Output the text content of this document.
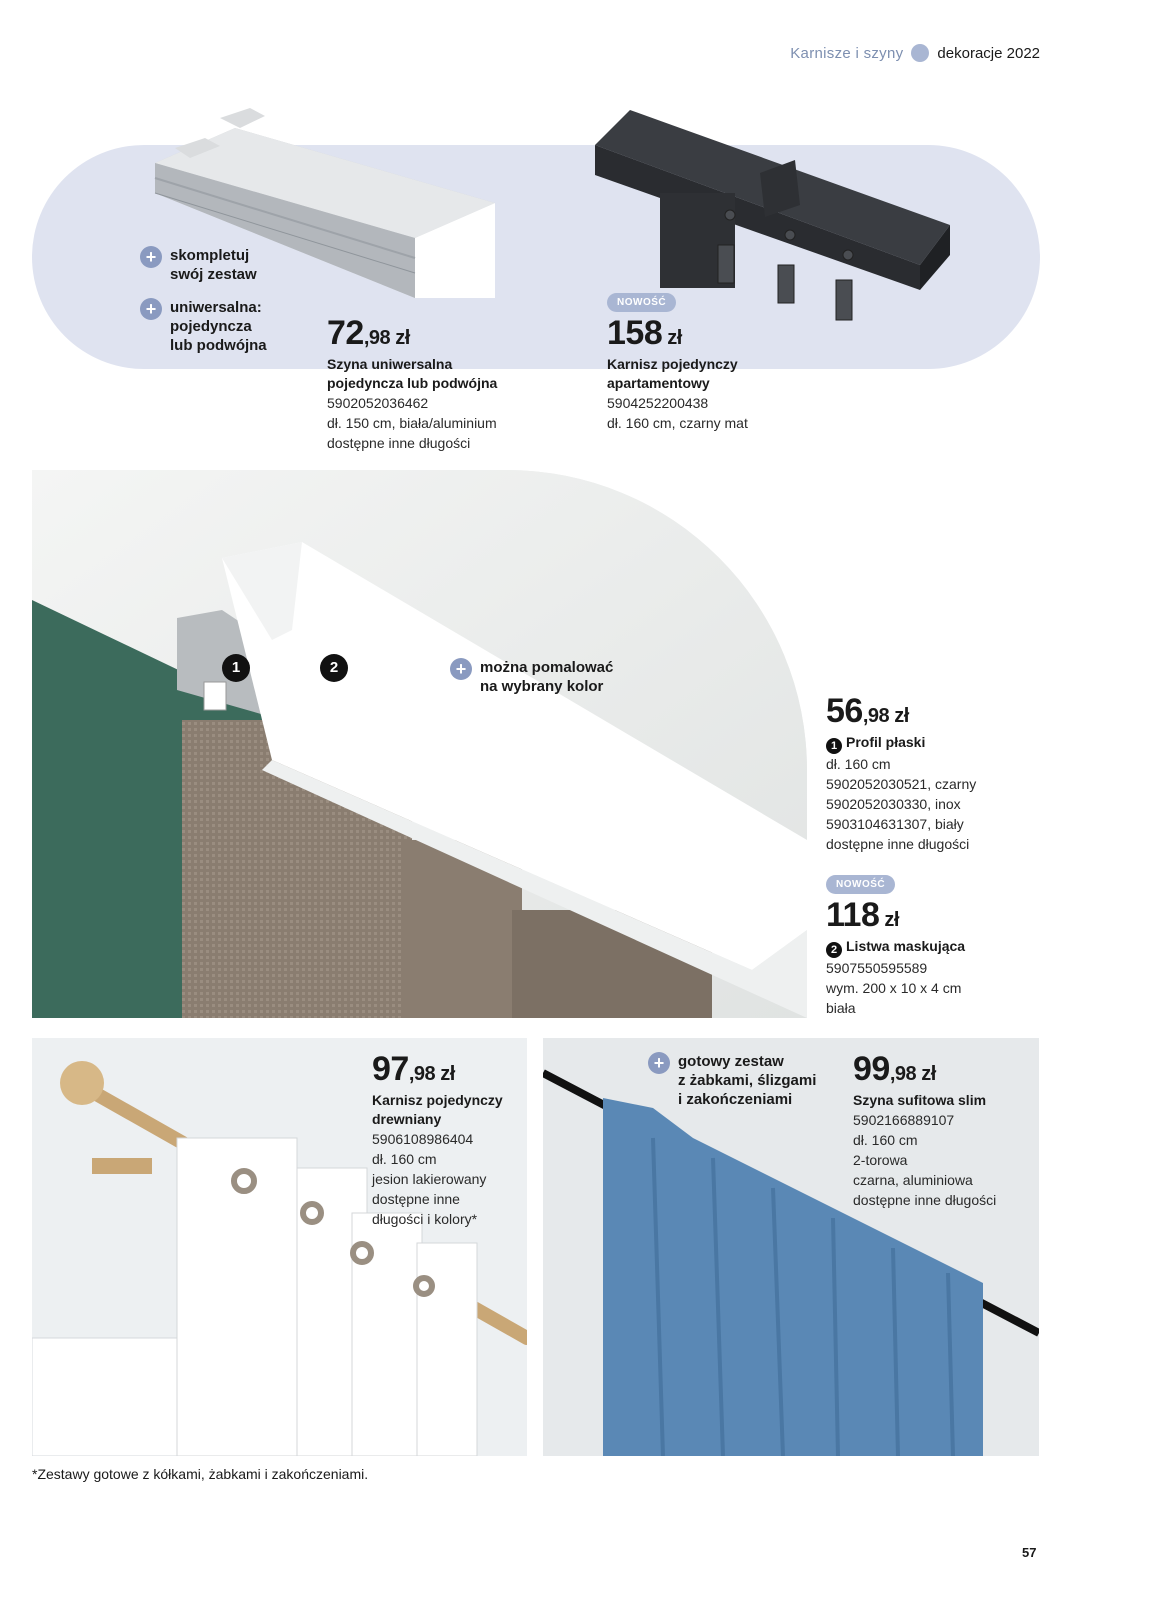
Karnisze i szyny dekoracje 2022
+ skompletuj
swój zestaw
+ uniwersalna:
pojedyncza
lub podwójna 72,98 zł
Szyna uniwersalna
pojedyncza lub podwójna
5902052036462
dł. 150 cm, biała/aluminium
dostępne inne długości
NOWOŚĆ
158 zł
Karnisz pojedynczy
apartamentowy
5904252200438
dł. 160 cm, czarny mat
1	2	+ można pomalować
na wybrany kolor
56,98 zł
1 Profil płaski
dł. 160 cm
5902052030521, czarny
5902052030330, inox
5903104631307, biały
dostępne inne długości
NOWOŚĆ
118 zł
2 Listwa maskująca
5907550595589
wym. 200 x 10 x 4 cm
biała
97,98 zł
Karnisz pojedynczy
drewniany
5906108986404
dł. 160 cm
jesion lakierowany
dostępne inne
długości i kolory*
+ gotowy zestaw
z żabkami, ślizgami
i zakończeniami
99,98 zł
Szyna sufitowa slim
5902166889107
dł. 160 cm
2-torowa
czarna, aluminiowa
dostępne inne długości
*Zestawy gotowe z kółkami, żabkami i zakończeniami.
57
